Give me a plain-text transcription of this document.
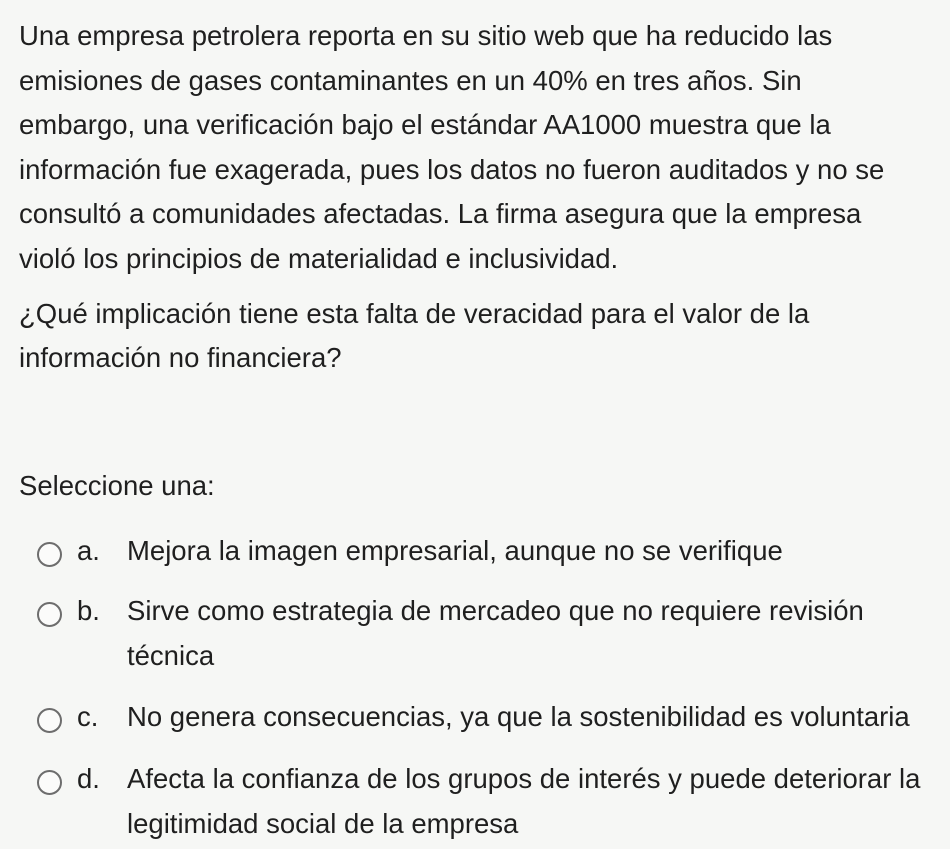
Una empresa petrolera reporta en su sitio web que ha reducido las emisiones de gases contaminantes en un 40% en tres años. Sin embargo, una verificación bajo el estándar AA1000 muestra que la información fue exagerada, pues los datos no fueron auditados y no se consultó a comunidades afectadas. La firma asegura que la empresa violó los principios de materialidad e inclusividad.

¿Qué implicación tiene esta falta de veracidad para el valor de la información no financiera?

Seleccione una:
a. Mejora la imagen empresarial, aunque no se verifique
b. Sirve como estrategia de mercadeo que no requiere revisión técnica
c. No genera consecuencias, ya que la sostenibilidad es voluntaria
d. Afecta la confianza de los grupos de interés y puede deteriorar la legitimidad social de la empresa
